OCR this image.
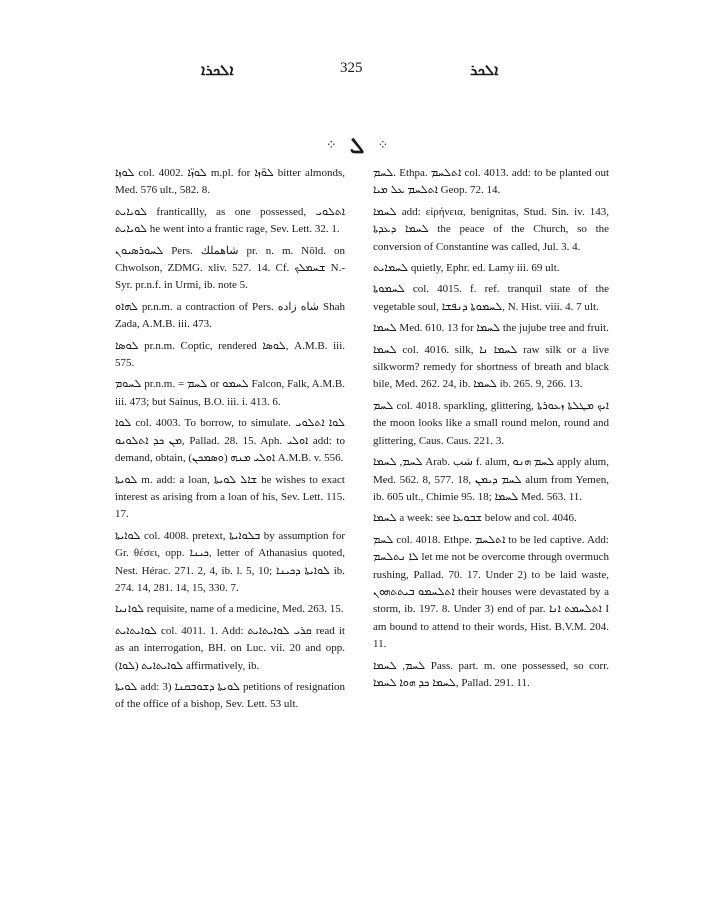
ܐܠܟܪܐ	325	ܐܠܟܪ
⁘ ܠ ⁘

ܠܘܙܐ col. 4002. ܠܘܙ̈ܐ m.pl. for ܠܘ̈ܙܐ bitter almonds, Med. 576 ult., 582. 8.

ܠܘܝܐܝܬ franticallly, as one possessed, ܐܬܠܘܝ ܠܘܝܐܝܬ he went into a frantic rage, Sev. Lett. 32. 1.

ܠܚܘܪܣܝܘܢ Pers. شاهملك pr. n. m. Nöld. on Chwolson, ZDMG. xliv. 527. 14. Cf. ܫܚܡܠܟ N.-Syr. pr.n.f. in Urmi, ib. note 5.

ܠܗܐܘ pr.n.m. a contraction of Pers. شاه زاده Shah Zada, A.M.B. iii. 473.

ܠܘܣܐ pr.n.m. Coptic, rendered ܠܘܣܐ, A.M.B. iii. 575.

ܠܚܘܡ pr.n.m. = ܠܚܡ or ܠܚܡܘ Falcon, Falk, A.M.B. iii. 473; but Sainus, B.O. iii. i. 413. 6.

ܠܘܐ col. 4003. To borrow, to simulate. ܠܘܐ ܐܬܠܘܝ ܡܢ ܟܕ ܐܬܠܘܝܘ, Pallad. 28. 15. Aph. ܐܘܠܝ add: to demand, obtain, ܐܘܠܝ ܡܢܗ (ܘܣܡܟܢ) A.M.B. v. 556.

ܠܘܝܬܐ m. add: a loan, ܫܐܠ ܠܘܝܬܐ he wishes to exact interest as arising from a loan of his, Sev. Lett. 115. 17.

ܠܘܐܝܬܐ col. 4008. pretext, ܒܠܘܐܝܬܐ by assumption for Gr. θέσει, opp. ܟܝܢܐ, letter of Athanasius quoted, Nest. Hérac. 271. 2, 4, ib. l. 5, 10; ܠܘܐܝܬܐ ܕܟܝܢܐ ib. 274. 14, 281. 14, 15, 330. 7.

ܠܘܐܢܝܐ requisite, name of a medicine, Med. 263. 15.

ܠܘܐܝܬܐܝܬ col. 4011. 1. Add: ܩܪܝ ܠܘܐܝܬܐܝܬ read it as an interrogation, BH. on Luc. vii. 20 and opp. (ܠܘܐ) ܠܘܐܝܬܐܝܬ affirmatively, ib.

ܠܘܝܬܐ add: 3) ܠܘܝܬܐ ܕܫܘܒܩܢܐ petitions of resignation of the office of a bishop, Sev. Lett. 53 ult.

ܠܚܡ. Ethpa. ܐܬܠܚܡ col. 4013. add: to be planted out ܐܬܠܚܡ ܥܠ ܡܝܐ Geop. 72. 14.

ܠܚܡܐ add: εἰρήνεια, benignitas, Stud. Sin. iv. 143, ܠܚܡܐ ܕܥܕܬܐ the peace of the Church, so the conversion of Constantine was called, Jul. 3. 4.

ܠܚܡܐܝܬ quietly, Ephr. ed. Lamy iii. 69 ult.

ܠܚܡܘܬܐ col. 4015. f. ref. tranquil state of the vegetable soul, ܠܚܡܘܬܐ ܕܢܦܫܐ, N. Hist. viii. 4. 7 ult.

ܠܚܡܐ Med. 610. 13 for ܠܚܡܐ the jujube tree and fruit.

ܠܚܡܐ col. 4016. silk, ܠܚܡܐ ܢܐ raw silk or a live silkworm? remedy for shortness of breath and black bile, Med. 262. 24, ib. ܠܚܡܐ ib. 265. 9, 266. 13.

ܠܚܡ col. 4018. sparkling, glittering, ܐܝܟ ܡܛܠܬܐ ܙܥܘܪܬܐ the moon looks like a small round melon, round and glittering, Caus. Caus. 221. 3.

ܠܚܡ, ܠܚܡܐ Arab. شب f. alum, ܠܚܡ ܗܢܘ apply alum, Med. 562. 8, 577. 18, ܠܚܡ ܕܝܡܢ alum from Yemen, ib. 605 ult., Chimie 95. 18; ܠܚܡܐ Med. 563. 11.

ܠܚܡܐ a week: see ܫܒܘܥܐ below and col. 4046.

ܠܚܡ col. 4018. Ethpe. ܐܬܠܚܡ to be led captive. Add: ܠܐ ܢܬܠܚܡ let me not be overcome through overmuch rushing, Pallad. 70. 17. Under 2) to be laid waste, ܐܬܠܚܡܘ ܒܝܬܬܗܘܢ their houses were devastated by a storm, ib. 197. 8. Under 3) end of par. ܐܬܠܚܡܬ ܐܢܐ I am bound to attend to their words, Hist. B.V.M. 204. 11.

ܠܚܡ, ܠܚܡܐ Pass. part. m. one possessed, so corr. ܠܚܡܐ ܟܕ ܗܘܐ ܠܚܡܐ, Pallad. 291. 11.
